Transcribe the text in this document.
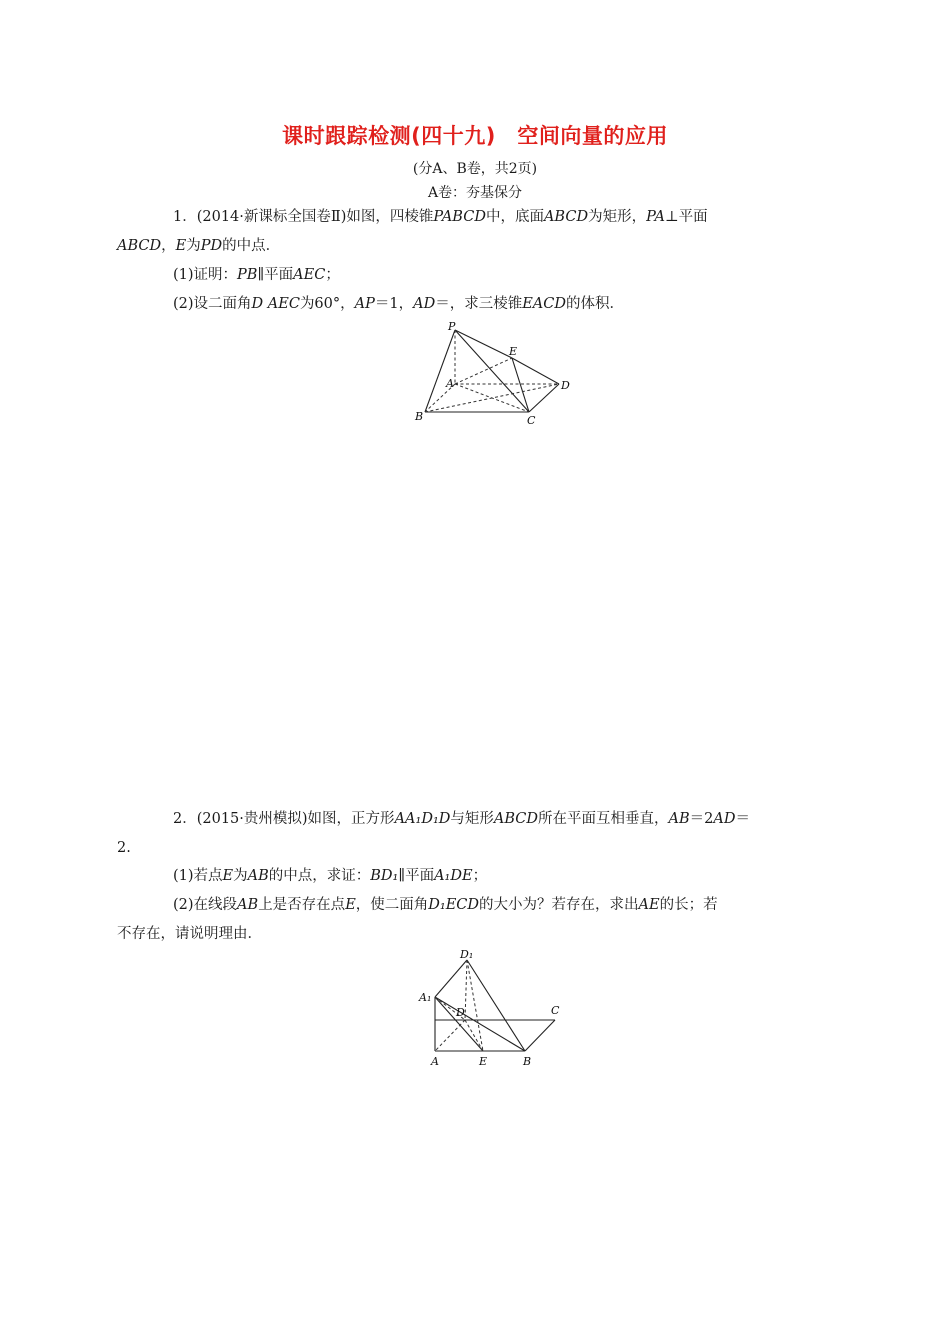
课时跟踪检测(四十九)　空间向量的应用
(分A、B卷，共2页)
A卷：夯基保分
1．(2014·新课标全国卷Ⅱ)如图，四棱锥PABCD中，底面ABCD为矩形，PA⊥平面
ABCD，E为PD的中点．
(1)证明：PB∥平面AEC；
(2)设二面角D AEC为60°，AP＝1，AD＝，求三棱锥EACD的体积．
P
E
A	D
B	C
2．(2015·贵州模拟)如图，正方形AA₁D₁D与矩形ABCD所在平面互相垂直，AB＝2AD＝
2.
(1)若点E为AB的中点，求证：BD₁∥平面A₁DE；
(2)在线段AB上是否存在点E，使二面角D₁ECD的大小为？若存在，求出AE的长；若
不存在，请说明理由．
D₁
A₁
D	C
A	E	B
